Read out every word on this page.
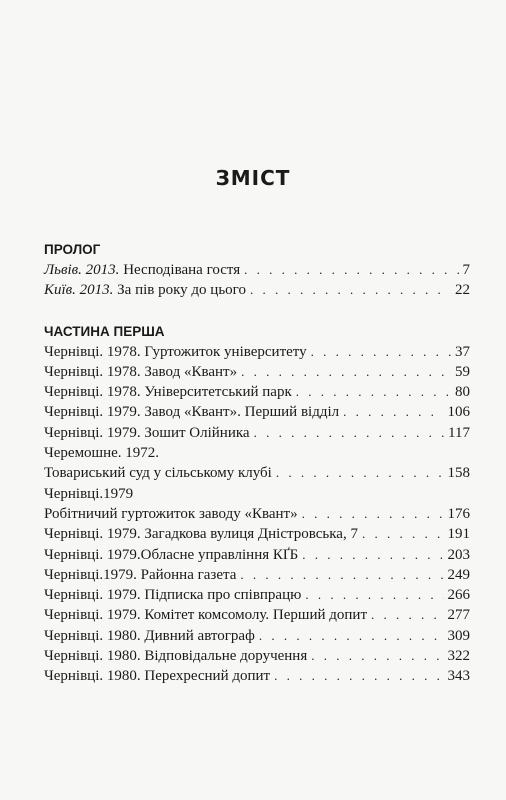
ЗМІСТ
ПРОЛОГ
Львів. 2013. Несподівана гостя . . .	7
Київ. 2013. За пів року до цього . . .	22
ЧАСТИНА ПЕРША
Чернівці. 1978. Гуртожиток університету . . .	37
Чернівці. 1978. Завод «Квант» . . .	59
Чернівці. 1978. Університетський парк . . .	80
Чернівці. 1979. Завод «Квант». Перший відділ . . .	106
Чернівці. 1979. Зошит Олійника . . .	117
Черемошне. 1972.
Товариський суд у сільському клубі . . .	158
Чернівці.1979
Робітничий гуртожиток заводу «Квант» . . .	176
Чернівці. 1979. Загадкова вулиця Дністровська, 7 . . .	191
Чернівці. 1979.Обласне управління КҐБ . . .	203
Чернівці.1979. Районна газета . . .	249
Чернівці. 1979. Підписка про співпрацю . . .	266
Чернівці. 1979. Комітет комсомолу. Перший допит . . .	277
Чернівці. 1980. Дивний автограф . . .	309
Чернівці. 1980. Відповідальне доручення . . .	322
Чернівці. 1980. Перехресний допит . . .	343
